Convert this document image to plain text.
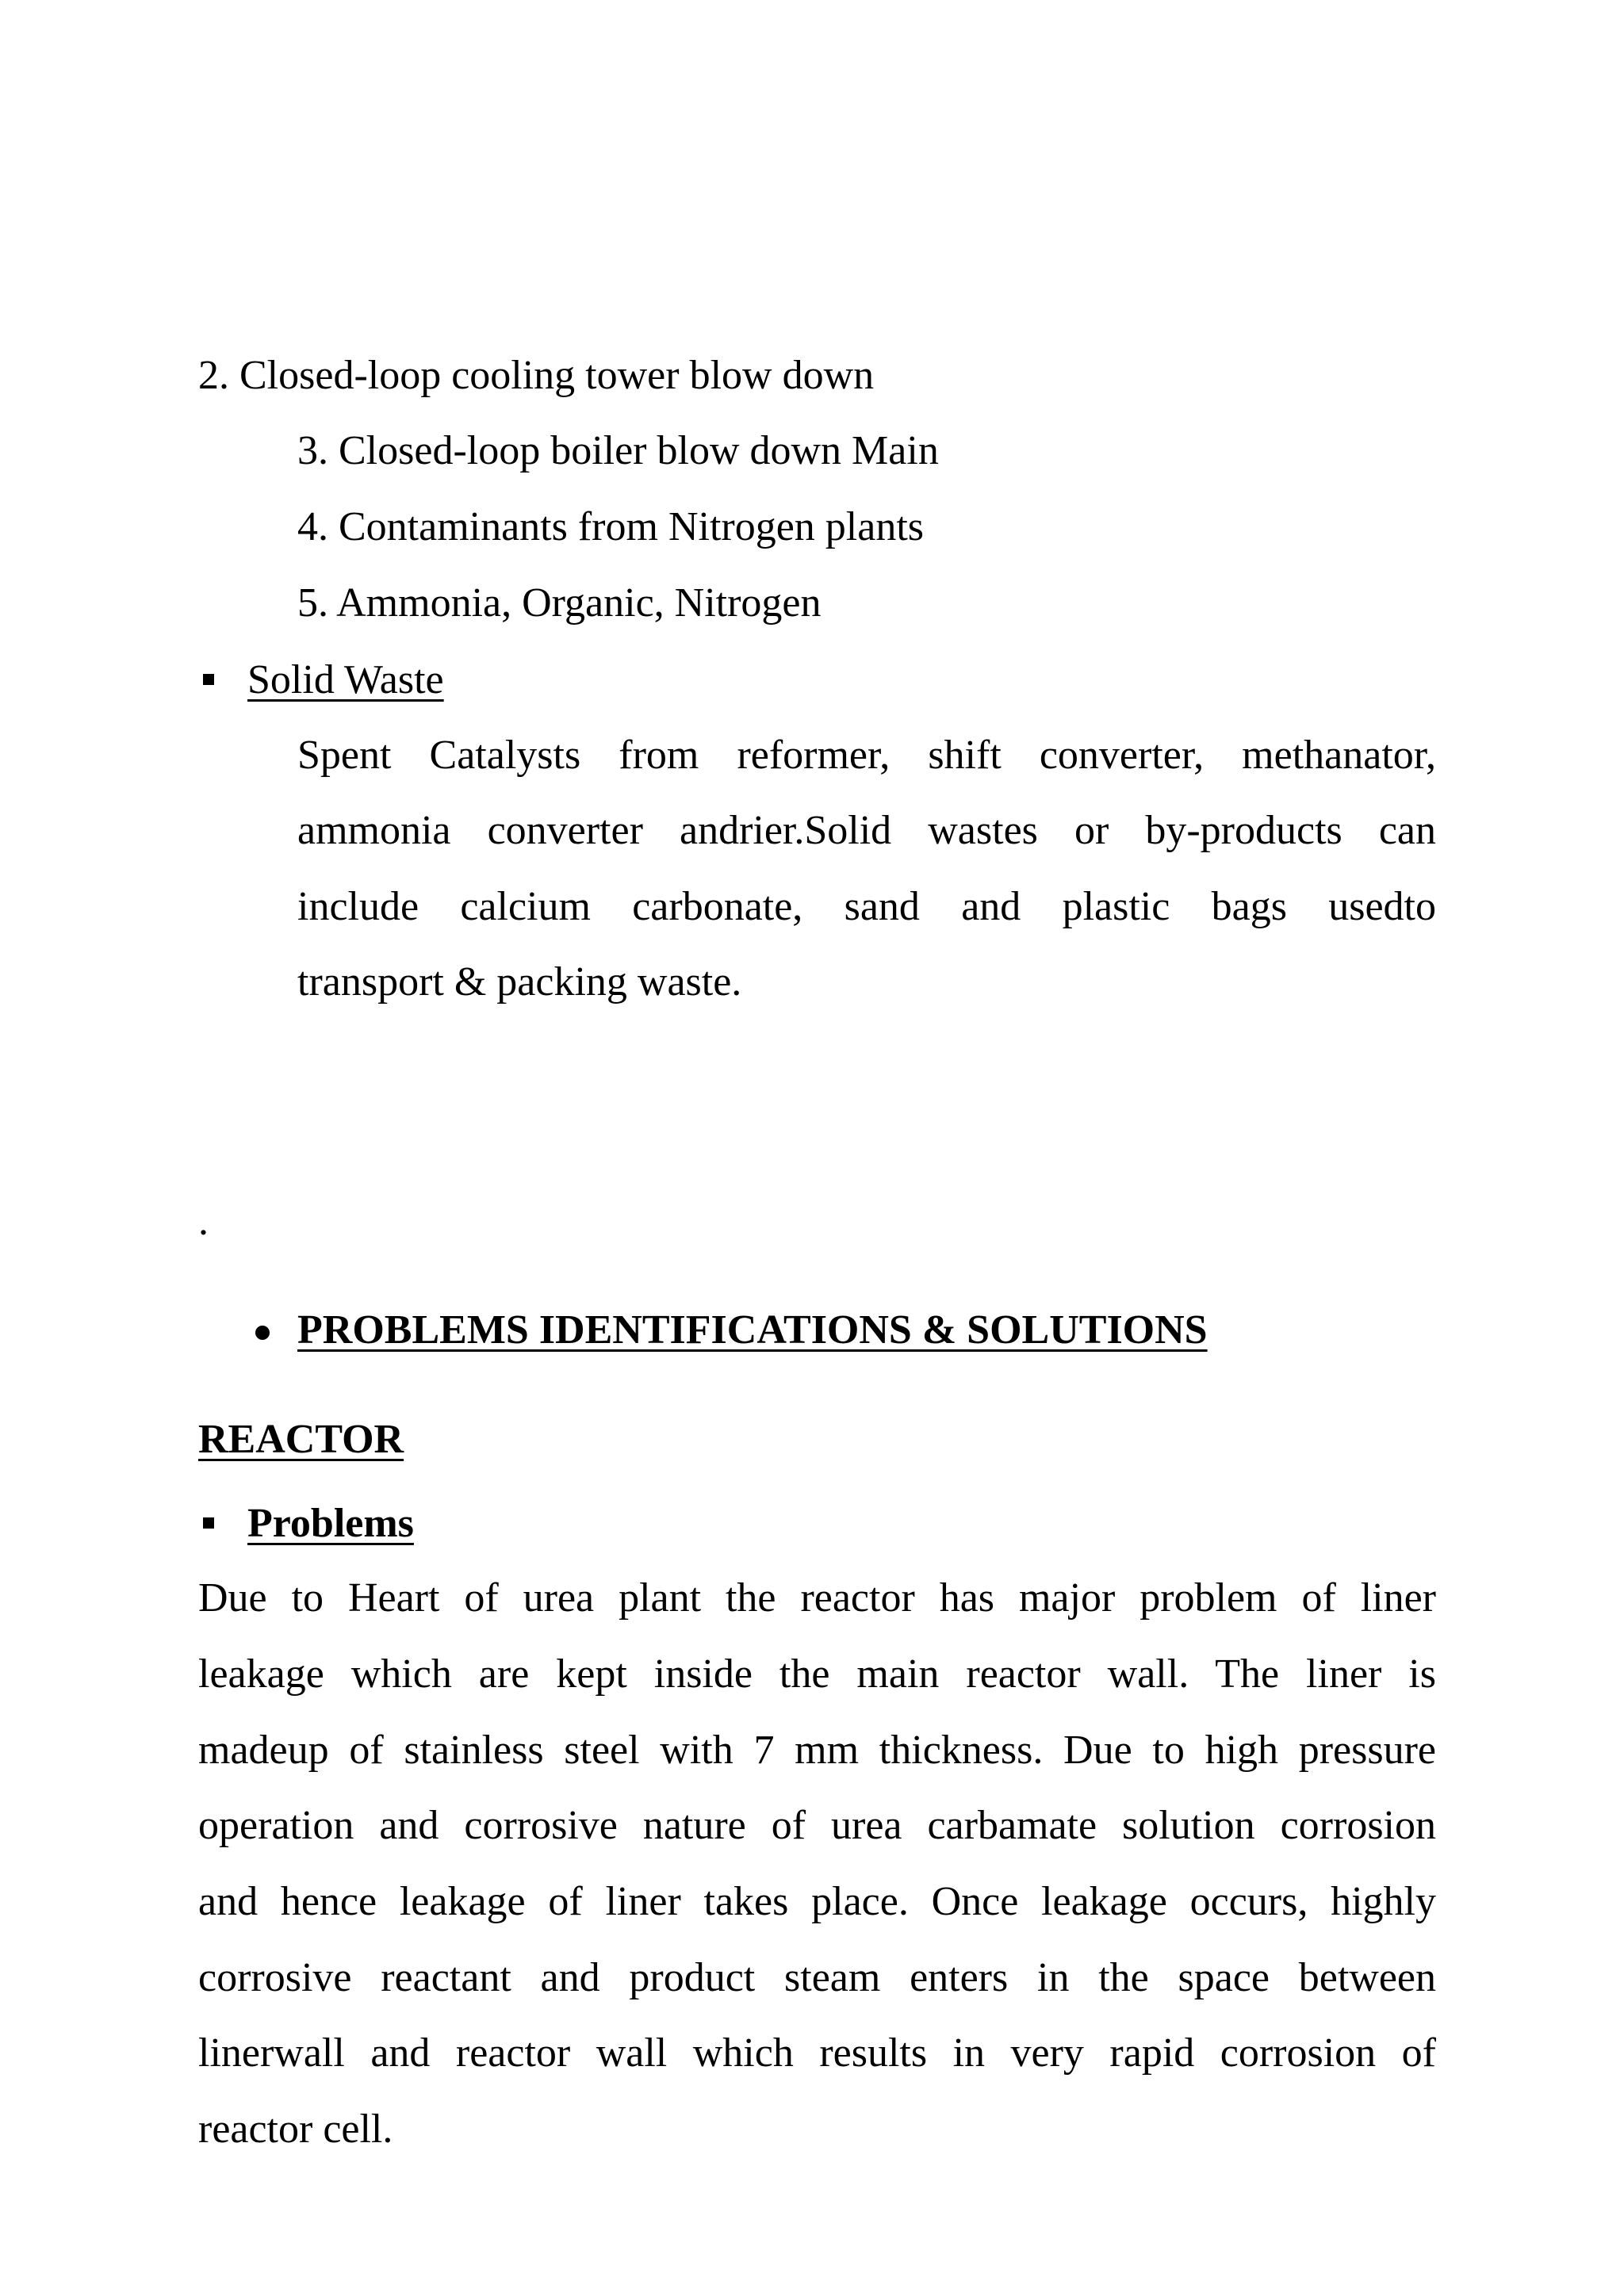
2. Closed-loop cooling tower blow down
3. Closed-loop boiler blow down Main
4. Contaminants from Nitrogen plants
5. Ammonia, Organic, Nitrogen
Solid Waste
Spent Catalysts from reformer, shift converter, methanator,
ammonia converter andrier.Solid wastes or by-products can
include calcium carbonate, sand and plastic bags usedto
transport & packing waste.
.
PROBLEMS IDENTIFICATIONS & SOLUTIONS
REACTOR
Problems
Due to Heart of urea plant the reactor has major problem of liner
leakage which are kept inside the main reactor wall. The liner is
madeup of stainless steel with 7 mm thickness. Due to high pressure
operation and corrosive nature of urea carbamate solution corrosion
and hence leakage of liner takes place. Once leakage occurs, highly
corrosive reactant and product steam enters in the space between
linerwall and reactor wall which results in very rapid corrosion of
reactor cell.
